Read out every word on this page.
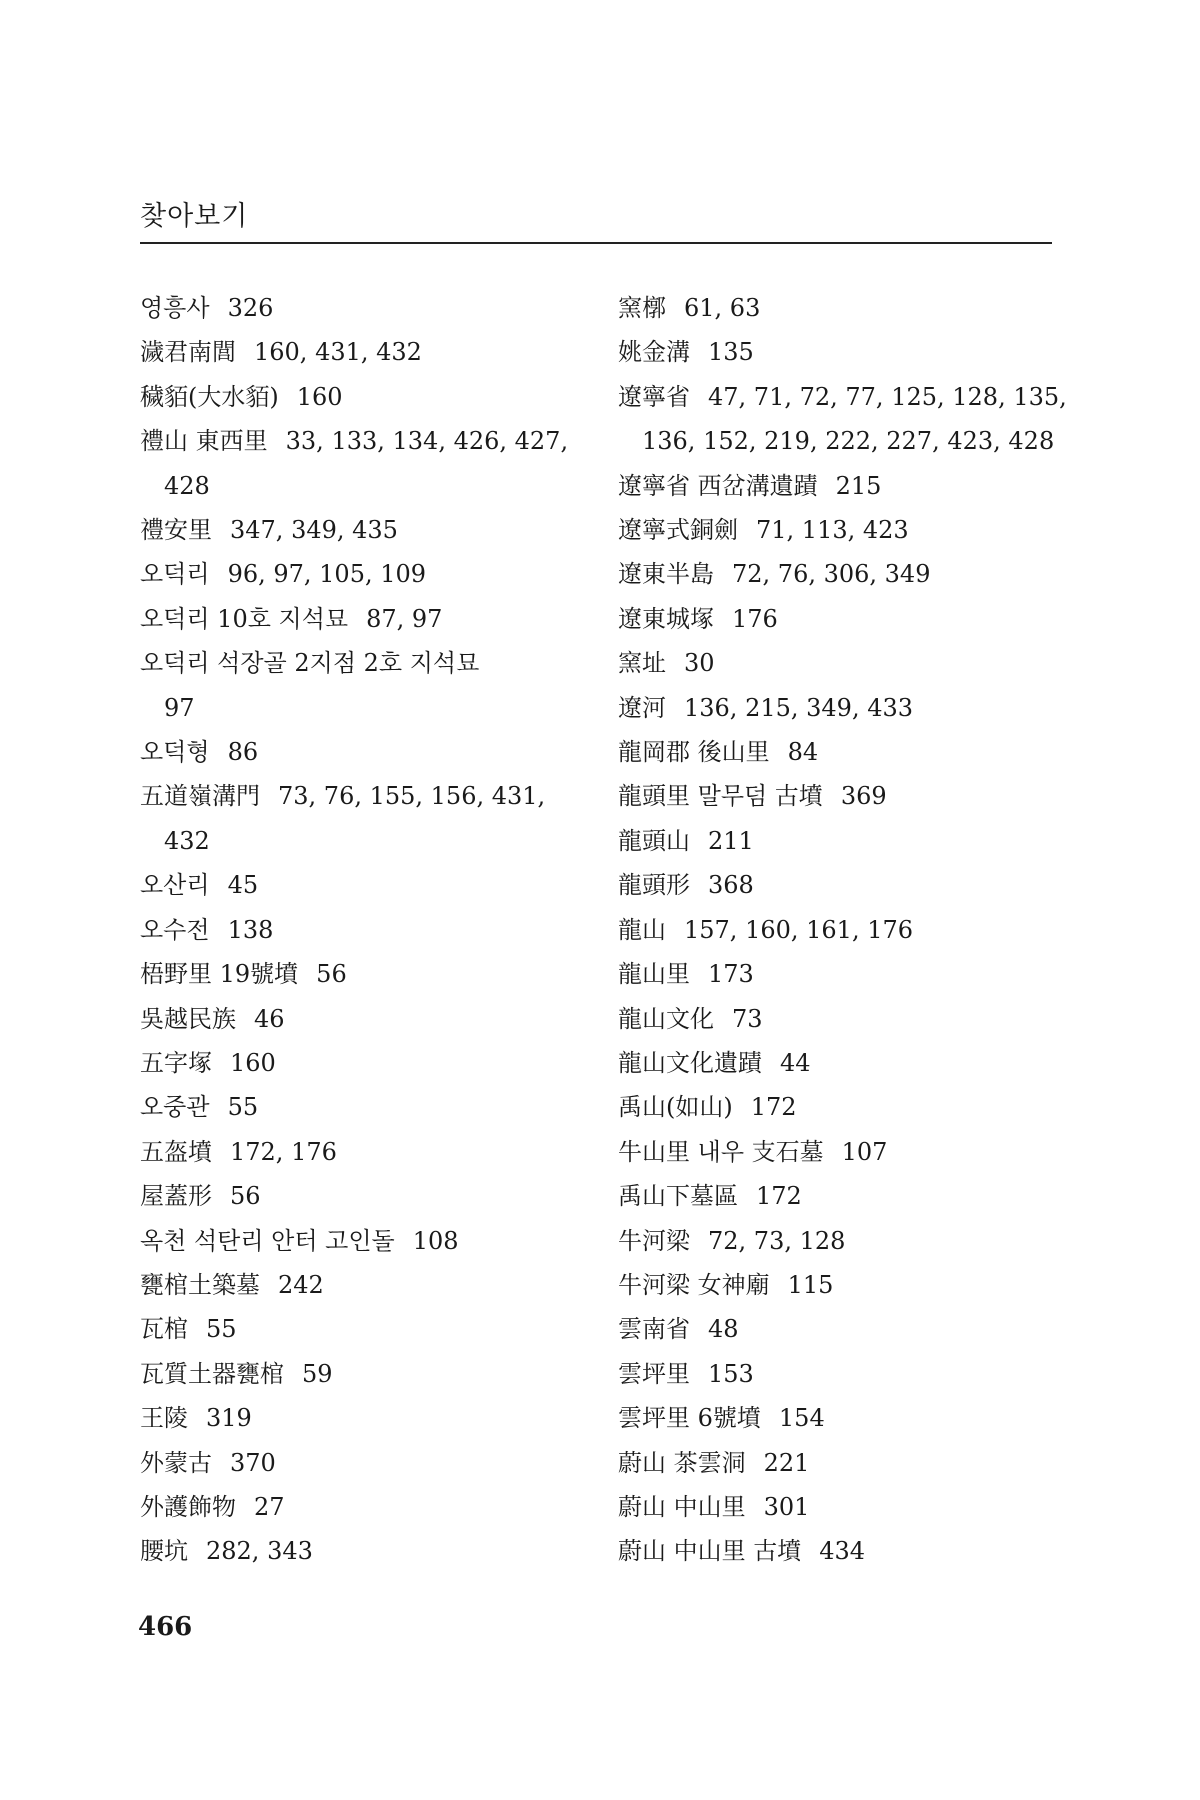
찾아보기
영흥사 326
濊君南閭 160, 431, 432
穢貊(大水貊) 160
禮山 東西里 33, 133, 134, 426, 427,
428
禮安里 347, 349, 435
오덕리 96, 97, 105, 109
오덕리 10호 지석묘 87, 97
오덕리 석장골 2지점 2호 지석묘
97
오덕형 86
五道嶺溝門 73, 76, 155, 156, 431,
432
오산리 45
오수전 138
梧野里 19號墳 56
吳越民族 46
五字塚 160
오중관 55
五盔墳 172, 176
屋蓋形 56
옥천 석탄리 안터 고인돌 108
甕棺土築墓 242
瓦棺 55
瓦質土器甕棺 59
王陵 319
外蒙古 370
外護飾物 27
腰坑 282, 343
窯槨 61, 63
姚金溝 135
遼寧省 47, 71, 72, 77, 125, 128, 135,
136, 152, 219, 222, 227, 423, 428
遼寧省 西岔溝遺蹟 215
遼寧式銅劍 71, 113, 423
遼東半島 72, 76, 306, 349
遼東城塚 176
窯址 30
遼河 136, 215, 349, 433
龍岡郡 後山里 84
龍頭里 말무덤 古墳 369
龍頭山 211
龍頭形 368
龍山 157, 160, 161, 176
龍山里 173
龍山文化 73
龍山文化遺蹟 44
禹山(如山) 172
牛山里 내우 支石墓 107
禹山下墓區 172
牛河梁 72, 73, 128
牛河梁 女神廟 115
雲南省 48
雲坪里 153
雲坪里 6號墳 154
蔚山 茶雲洞 221
蔚山 中山里 301
蔚山 中山里 古墳 434
466
